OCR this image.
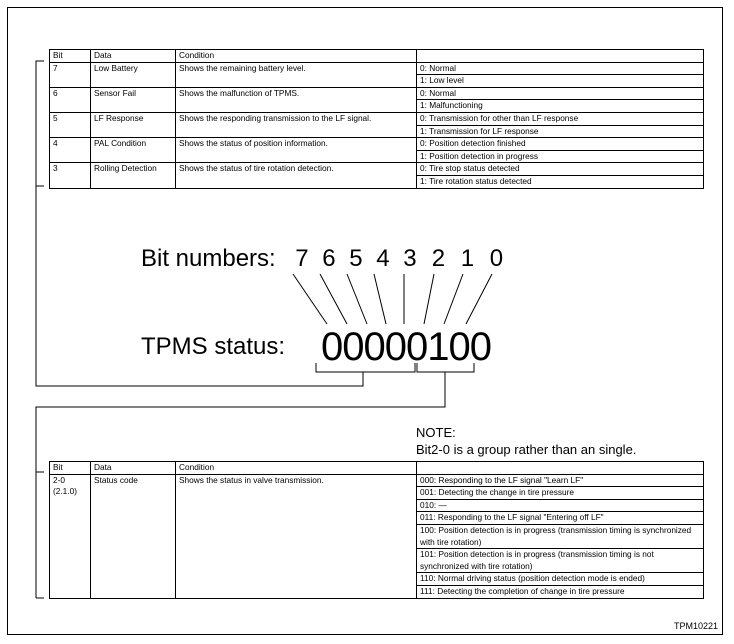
Bit	Data	Condition	
7	Low Battery	Shows the remaining battery level.	0: Normal
			1: Low level
6	Sensor Fail	Shows the malfunction of TPMS.	0: Normal
			1: Malfunctioning
5	LF Response	Shows the responding transmission to the LF signal.	0: Transmission for other than LF response
			1: Transmission for LF response
4	PAL Condition	Shows the status of position information.	0: Position detection finished
			1: Position detection in progress
3	Rolling Detection	Shows the status of tire rotation detection.	0: Tire stop status detected
			1: Tire rotation status detected
Bit numbers: 7 6 5 4 3 2 1 0
TPMS status: 00000100
NOTE:
Bit2-0 is a group rather than an single.
Bit	Data	Condition	

2-0
(2.1.0)	Status code	Shows the status in valve transmission.	000: Responding to the LF signal "Learn LF"
			001: Detecting the change in tire pressure
			010: —
			011: Responding to the LF signal "Entering off LF"
			100: Position detection is in progress (transmission timing is synchronized with tire rotation)
			101: Position detection is in progress (transmission timing is not synchronized with tire rotation)
			110: Normal driving status (position detection mode is ended)
			111: Detecting the completion of change in tire pressure
TPM10221
